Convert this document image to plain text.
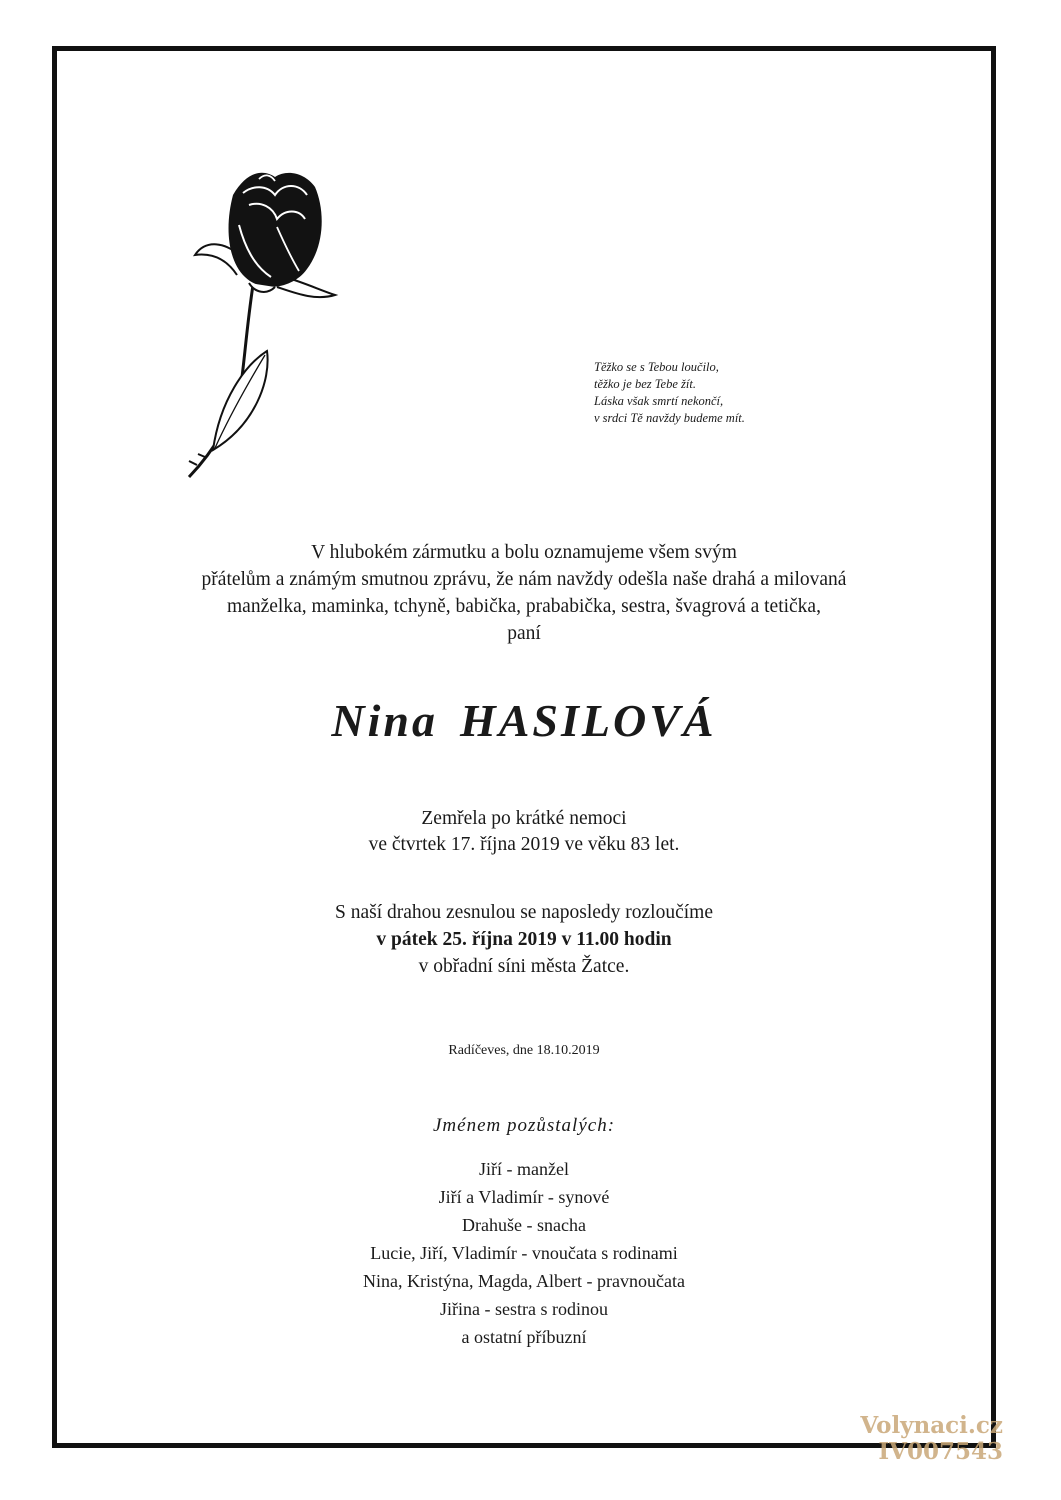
Těžko se s Tebou loučilo,
těžko je bez Tebe žít.
Láska však smrtí nekončí,
v srdci Tě navždy budeme mít.
V hlubokém zármutku a bolu oznamujeme všem svým
přátelům a známým smutnou zprávu, že nám navždy odešla naše drahá a milovaná
manželka, maminka, tchyně, babička, prababička, sestra, švagrová a tetička,
paní
Nina HASILOVÁ
Zemřela po krátké nemoci
ve čtvrtek 17. října 2019 ve věku 83 let.
S naší drahou zesnulou se naposledy rozloučíme
v pátek 25. října 2019 v 11.00 hodin
v obřadní síni města Žatce.
Radíčeves, dne 18.10.2019
Jménem pozůstalých:
Jiří - manžel
Jiří a Vladimír - synové
Drahuše - snacha
Lucie, Jiří, Vladimír - vnoučata s rodinami
Nina, Kristýna, Magda, Albert - pravnoučata
Jiřina - sestra s rodinou
a ostatní příbuzní
Volynaci.cz
IV007543
